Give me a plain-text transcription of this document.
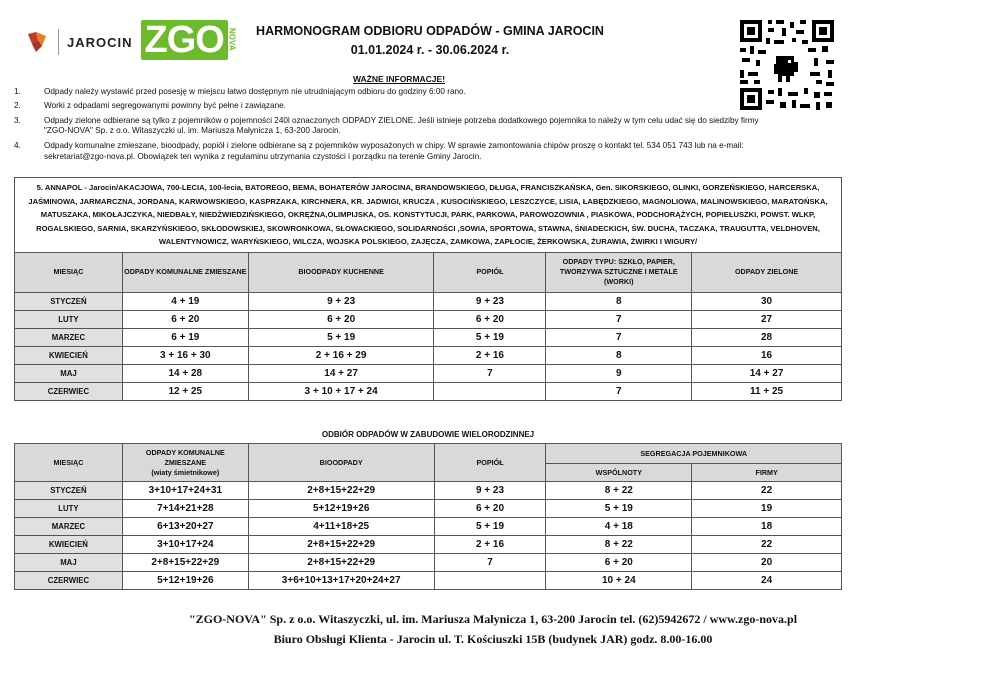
JAROCIN ZGO NOVA	HARMONOGRAM ODBIORU ODPADÓW - GMINA JAROCIN
01.01.2024 r. - 30.06.2024 r.
WAŻNE INFORMACJE!
1.	Odpady należy wystawić przed posesję w miejscu łatwo dostępnym nie utrudniającym odbioru do godziny 6:00 rano.
2.	Worki z odpadami segregowanymi powinny być pełne i zawiązane.
3.	Odpady zielone odbierane są tylko z pojemników o pojemności 240l oznaczonych ODPADY ZIELONE. Jeśli istnieje potrzeba dodatkowego pojemnika to należy w tym celu udać się do siedziby firmy "ZGO-NOVA" Sp. z o.o. Witaszyczki ul. im. Mariusza Małynicza 1, 63-200 Jarocin.
4.	Odpady komunalne zmieszane, bioodpady, popiół i zielone odbierane są z pojemników wyposażonych w chipy. W sprawie zamontowania chipów proszę o kontakt tel. 534 051 743 lub na e-mail: sekretariat@zgo-nova.pl. Obowiązek ten wynika z regulaminu utrzymania czystości i porządku na terenie Gminy Jarocin.
5. ANNAPOL - Jarocin/AKACJOWA, 700-LECIA, 100-lecia, BATOREGO, BEMA, BOHATERÓW JAROCINA, BRANDOWSKIEGO, DŁUGA, FRANCISZKAŃSKA, Gen. SIKORSKIEGO, GLINKI, GORZEŃSKIEGO, HARCERSKA, JAŚMINOWA, JARMARCZNA, JORDANA, KARWOWSKIEGO, KASPRZAKA, KIRCHNERA, KR. JADWIGI, KRUCZA , KUSOCIŃSKIEGO, LESZCZYCE, LISIA, ŁABĘDZKIEGO, MAGNOLIOWA, MALINOWSKIEGO, MARATOŃSKA, MATUSZAKA, MIKOŁAJCZYKA, NIEDBAŁY, NIEDŹWIEDZIŃSKIEGO, OKRĘŻNA,OLIMPIJSKA, OS. KONSTYTUCJI, PARK, PARKOWA, PAROWOZOWNIA , PIASKOWA, PODCHORĄŻYCH, POPIEŁUSZKI, POWST. WLKP, ROGALSKIEGO, SARNIA, SKARZYŃSKIEGO, SKŁODOWSKIEJ, SKOWRONKOWA, SŁOWACKIEGO, SOLIDARNOŚCI ,SOWIA, SPORTOWA, STAWNA, ŚNIADECKICH, ŚW. DUCHA, TACZAKA, TRAUGUTTA, VELDHOVEN, WALENTYNOWICZ, WARYŃSKIEGO, WILCZA, WOJSKA POLSKIEGO, ZAJĘCZA, ZAMKOWA, ZAPŁOCIE, ŻERKOWSKA, ŻURAWIA, ŻWIRKI I WIGURY/					
MIESIĄC	ODPADY KOMUNALNE ZMIESZANE	BIOODPADY KUCHENNE	POPIÓŁ	ODPADY TYPU: SZKŁO, PAPIER, TWORZYWA SZTUCZNE I METALE (WORKI)	ODPADY ZIELONE
STYCZEŃ	4 + 19	9 + 23	9 + 23	8	30
LUTY	6 + 20	6 + 20	6 + 20	7	27
MARZEC	6 + 19	5 + 19	5 + 19	7	28
KWIECIEŃ	3 + 16 + 30	2 + 16 + 29	2 + 16	8	16
MAJ	14 + 28	14 + 27	7	9	14 + 27
CZERWIEC	12 + 25	3 + 10 + 17 + 24		7	11 + 25
ODBIÓR ODPADÓW W ZABUDOWIE WIELORODZINNEJ
MIESIĄC	ODPADY KOMUNALNE
ZMIESZANE
(wiaty śmietnikowe)	BIOODPADY	POPIÓŁ	SEGREGACJA POJEMNIKOWA	
				WSPÓLNOTY	FIRMY
STYCZEŃ	3+10+17+24+31	2+8+15+22+29	9 + 23	8 + 22	22
LUTY	7+14+21+28	5+12+19+26	6 + 20	5 + 19	19
MARZEC	6+13+20+27	4+11+18+25	5 + 19	4 + 18	18
KWIECIEŃ	3+10+17+24	2+8+15+22+29	2 + 16	8 + 22	22
MAJ	2+8+15+22+29	2+8+15+22+29	7	6 + 20	20
CZERWIEC	5+12+19+26	3+6+10+13+17+20+24+27		10 + 24	24
"ZGO-NOVA" Sp. z o.o. Witaszyczki, ul. im. Mariusza Małynicza 1, 63-200 Jarocin tel. (62)5942672 / www.zgo-nova.pl
Biuro Obsługi Klienta - Jarocin ul. T. Kościuszki 15B (budynek JAR) godz. 8.00-16.00
